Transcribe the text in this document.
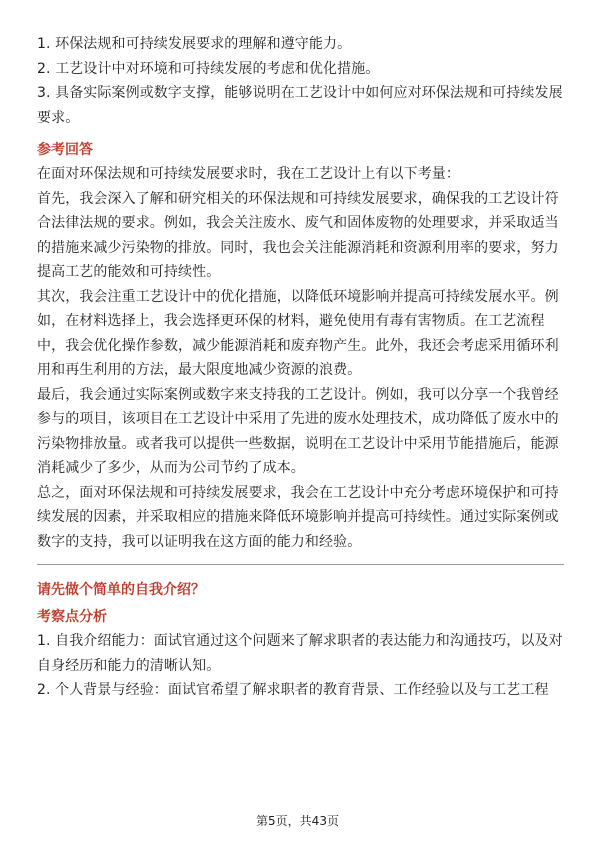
1. 环保法规和可持续发展要求的理解和遵守能力。

2. 工艺设计中对环境和可持续发展的考虑和优化措施。

3. 具备实际案例或数字支撑，能够说明在工艺设计中如何应对环保法规和可持续发展要求。

参考回答

在面对环保法规和可持续发展要求时，我在工艺设计上有以下考量：

首先，我会深入了解和研究相关的环保法规和可持续发展要求，确保我的工艺设计符合法律法规的要求。例如，我会关注废水、废气和固体废物的处理要求，并采取适当的措施来减少污染物的排放。同时，我也会关注能源消耗和资源利用率的要求，努力提高工艺的能效和可持续性。

其次，我会注重工艺设计中的优化措施，以降低环境影响并提高可持续发展水平。例如，在材料选择上，我会选择更环保的材料，避免使用有毒有害物质。在工艺流程中，我会优化操作参数，减少能源消耗和废弃物产生。此外，我还会考虑采用循环利用和再生利用的方法，最大限度地减少资源的浪费。

最后，我会通过实际案例或数字来支持我的工艺设计。例如，我可以分享一个我曾经参与的项目，该项目在工艺设计中采用了先进的废水处理技术，成功降低了废水中的污染物排放量。或者我可以提供一些数据，说明在工艺设计中采用节能措施后，能源消耗减少了多少，从而为公司节约了成本。

总之，面对环保法规和可持续发展要求，我会在工艺设计中充分考虑环境保护和可持续发展的因素，并采取相应的措施来降低环境影响并提高可持续性。通过实际案例或数字的支持，我可以证明我在这方面的能力和经验。

请先做个简单的自我介绍？
考察点分析

1. 自我介绍能力：面试官通过这个问题来了解求职者的表达能力和沟通技巧，以及对自身经历和能力的清晰认知。

2. 个人背景与经验：面试官希望了解求职者的教育背景、工作经验以及与工艺工程

第5页，共43页
